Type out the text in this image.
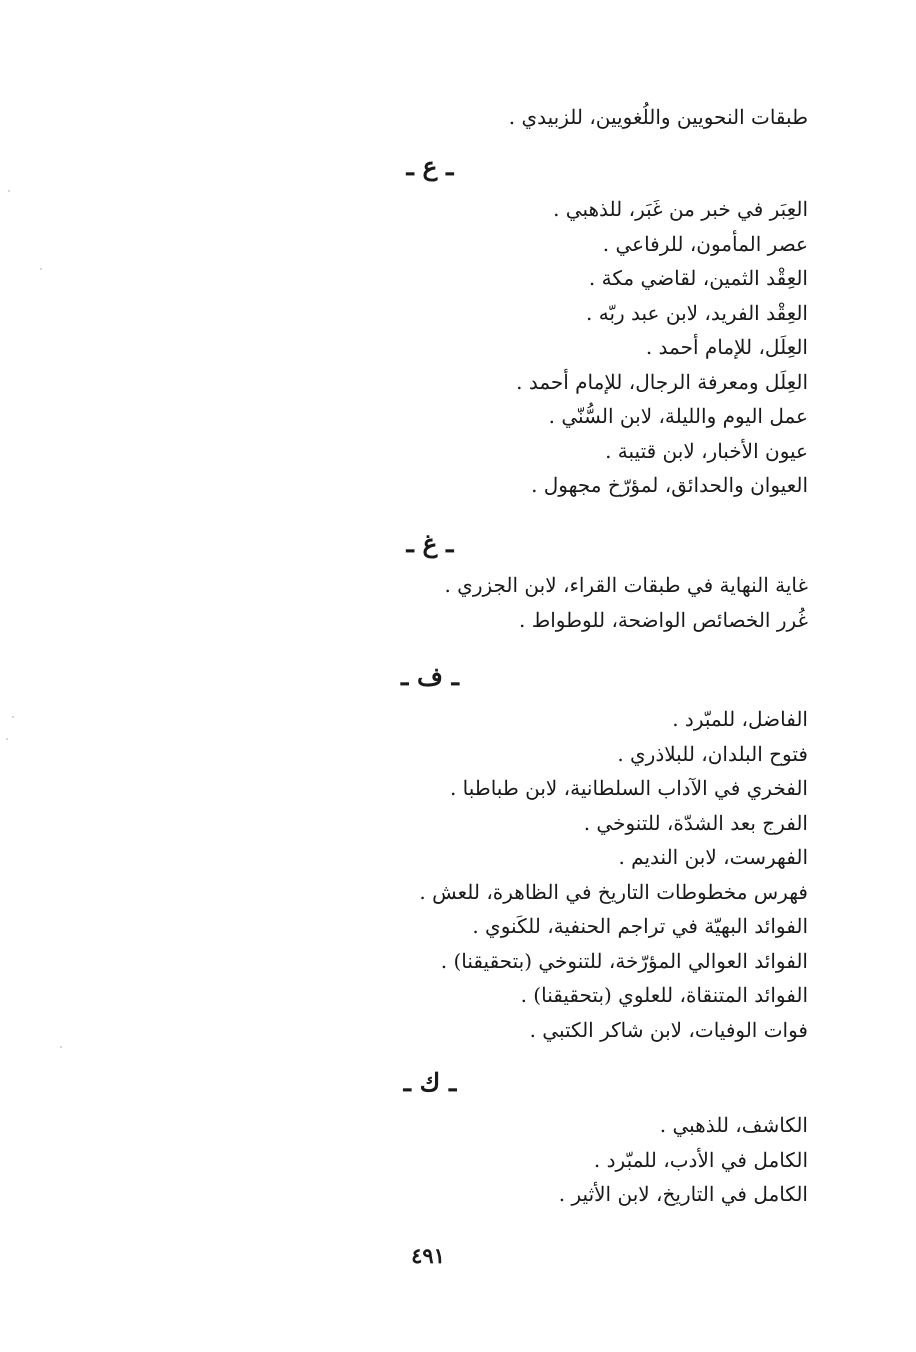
طبقات النحويين واللُغويين، للزبيدي .
ـ ع ـ
العِبَر في خبر من غَبَر، للذهبي .
عصر المأمون، للرفاعي .
العِقْد الثمين، لقاضي مكة .
العِقْد الفريد، لابن عبد ربّه .
العِلَل، للإمام أحمد .
العِلَل ومعرفة الرجال، للإمام أحمد .
عمل اليوم والليلة، لابن السُّنّي .
عيون الأخبار، لابن قتيبة .
العيوان والحدائق، لمؤرّخ مجهول .
ـ غ ـ
غاية النهاية في طبقات القراء، لابن الجزري .
غُرر الخصائص الواضحة، للوطواط .
ـ ف ـ
الفاضل، للمبّرد .
فتوح البلدان، للبلاذري .
الفخري في الآداب السلطانية، لابن طباطبا .
الفرج بعد الشدّة، للتنوخي .
الفهرست، لابن النديم .
فهرس مخطوطات التاريخ في الظاهرة، للعش .
الفوائد البهيّة في تراجم الحنفية، للكَنوي .
الفوائد العوالي المؤرّخة، للتنوخي (بتحقيقنا) .
الفوائد المتنقاة، للعلوي (بتحقيقنا) .
فوات الوفيات، لابن شاكر الكتبي .
ـ ك ـ
الكاشف، للذهبي .
الكامل في الأدب، للمبّرد .
الكامل في التاريخ، لابن الأثير .
٤٩١
